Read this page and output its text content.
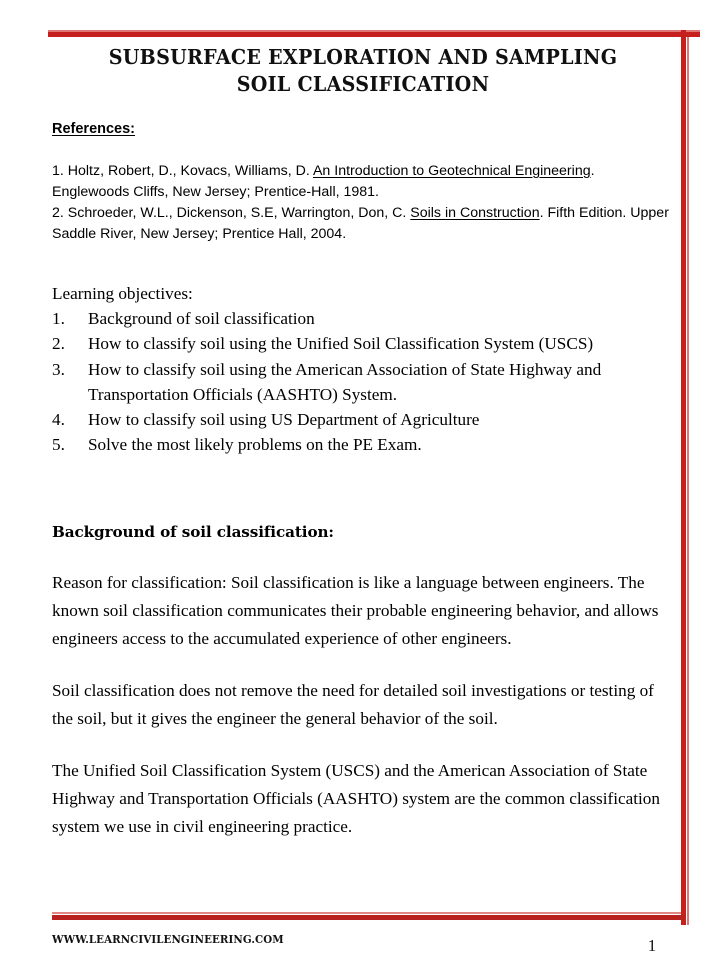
SUBSURFACE EXPLORATION AND SAMPLING
SOIL CLASSIFICATION
References:

1. Holtz, Robert, D., Kovacs, Williams, D. An Introduction to Geotechnical Engineering. Englewoods Cliffs, New Jersey; Prentice-Hall, 1981.

2. Schroeder, W.L., Dickenson, S.E, Warrington, Don, C. Soils in Construction. Fifth Edition. Upper Saddle River, New Jersey; Prentice Hall, 2004.

Learning objectives:

1.	Background of soil classification
2.	How to classify soil using the Unified Soil Classification System (USCS)
3.	How to classify soil using the American Association of State Highway and Transportation Officials (AASHTO) System.
4.	How to classify soil using US Department of Agriculture
5.	Solve the most likely problems on the PE Exam.
Background of soil classification:

Reason for classification: Soil classification is like a language between engineers. The known soil classification communicates their probable engineering behavior, and allows engineers access to the accumulated experience of other engineers.

Soil classification does not remove the need for detailed soil investigations or testing of the soil, but it gives the engineer the general behavior of the soil.

The Unified Soil Classification System (USCS) and the American Association of State Highway and Transportation Officials (AASHTO) system are the common classification system we use in civil engineering practice.

WWW.LEARNCIVILENGINEERING.COM	1
